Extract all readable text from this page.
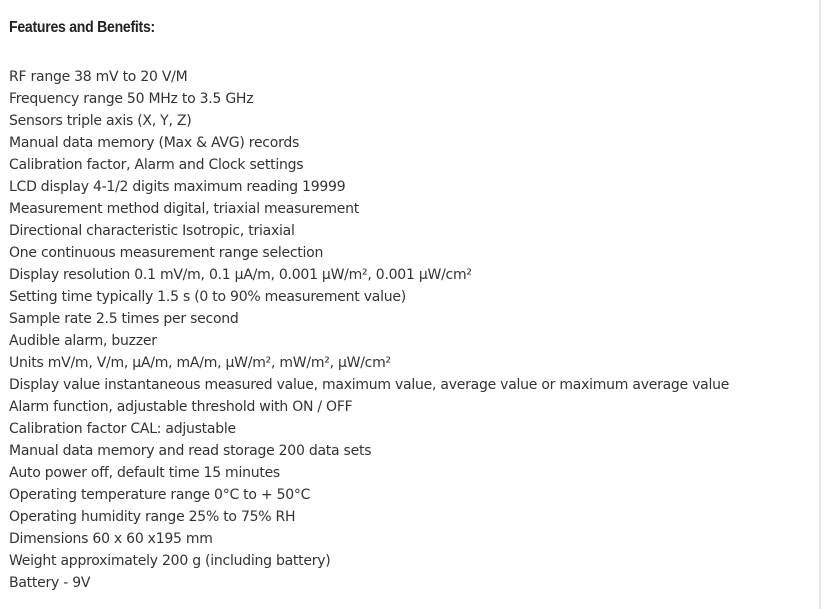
Features and Benefits:
RF range 38 mV to 20 V/M
Frequency range 50 MHz to 3.5 GHz
Sensors triple axis (X, Y, Z)
Manual data memory (Max & AVG) records
Calibration factor, Alarm and Clock settings
LCD display 4-1/2 digits maximum reading 19999
Measurement method digital, triaxial measurement
Directional characteristic Isotropic, triaxial
One continuous measurement range selection
Display resolution 0.1 mV/m, 0.1 µA/m, 0.001 µW/m², 0.001 µW/cm²
Setting time typically 1.5 s (0 to 90% measurement value)
Sample rate 2.5 times per second
Audible alarm, buzzer
Units mV/m, V/m, µA/m, mA/m, µW/m², mW/m², µW/cm²
Display value instantaneous measured value, maximum value, average value or maximum average value
Alarm function, adjustable threshold with ON / OFF
Calibration factor CAL: adjustable
Manual data memory and read storage 200 data sets
Auto power off, default time 15 minutes
Operating temperature range 0°C to + 50°C
Operating humidity range 25% to 75% RH
Dimensions 60 x 60 x195 mm
Weight approximately 200 g (including battery)
Battery - 9V
